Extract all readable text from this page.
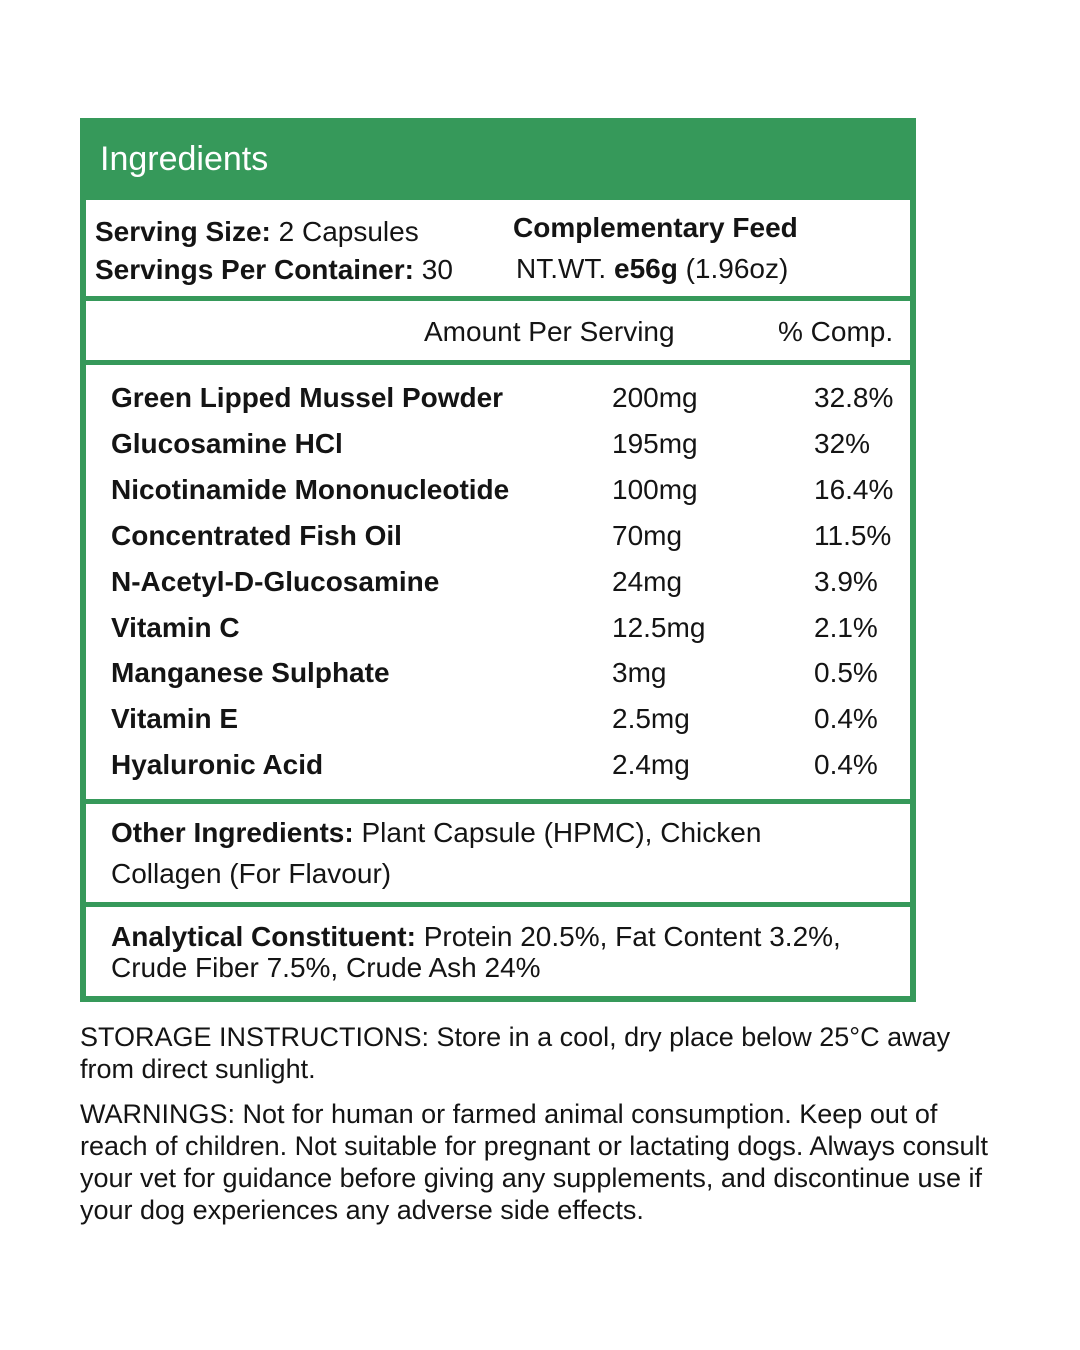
Ingredients
Serving Size: 2 Capsules
Servings Per Container: 30
Complementary Feed
NT.WT. e56g (1.96oz)
Amount Per Serving	% Comp.
Green Lipped Mussel Powder	200mg	32.8%
Glucosamine HCl	195mg	32%
Nicotinamide Mononucleotide	100mg	16.4%
Concentrated Fish Oil	70mg	11.5%
N-Acetyl-D-Glucosamine	24mg	3.9%
Vitamin C	12.5mg	2.1%
Manganese Sulphate	3mg	0.5%
Vitamin E	2.5mg	0.4%
Hyaluronic Acid	2.4mg	0.4%
Other Ingredients: Plant Capsule (HPMC), Chicken
Collagen (For Flavour)
Analytical Constituent: Protein 20.5%, Fat Content 3.2%,
Crude Fiber 7.5%, Crude Ash 24%
STORAGE INSTRUCTIONS: Store in a cool, dry place below 25°C away from direct sunlight.
WARNINGS: Not for human or farmed animal consumption. Keep out of reach of children. Not suitable for pregnant or lactating dogs. Always consult your vet for guidance before giving any supplements, and discontinue use if your dog experiences any adverse side effects.
